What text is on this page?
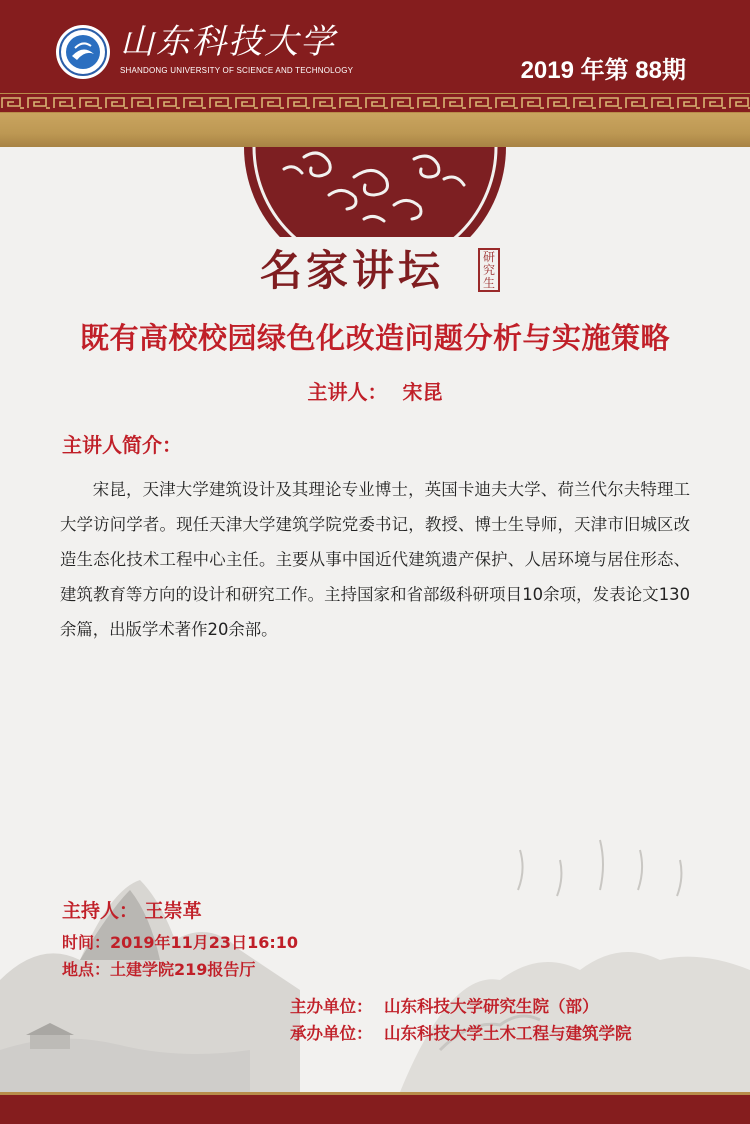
山东科技大学
SHANDONG UNIVERSITY OF SCIENCE AND TECHNOLOGY	2019 年第 88期
名家讲坛	研究生
既有高校校园绿色化改造问题分析与实施策略
主讲人： 宋昆
主讲人简介：

宋昆，天津大学建筑设计及其理论专业博士，英国卡迪夫大学、荷兰代尔夫特理工大学访问学者。现任天津大学建筑学院党委书记，教授、博士生导师，天津市旧城区改造生态化技术工程中心主任。主要从事中国近代建筑遗产保护、人居环境与居住形态、建筑教育等方向的设计和研究工作。主持国家和省部级科研项目10余项，发表论文130余篇，出版学术著作20余部。

主持人： 王崇革
时间：2019年11月23日16:10
地点：土建学院219报告厅
主办单位：  山东科技大学研究生院（部）
承办单位：  山东科技大学土木工程与建筑学院
